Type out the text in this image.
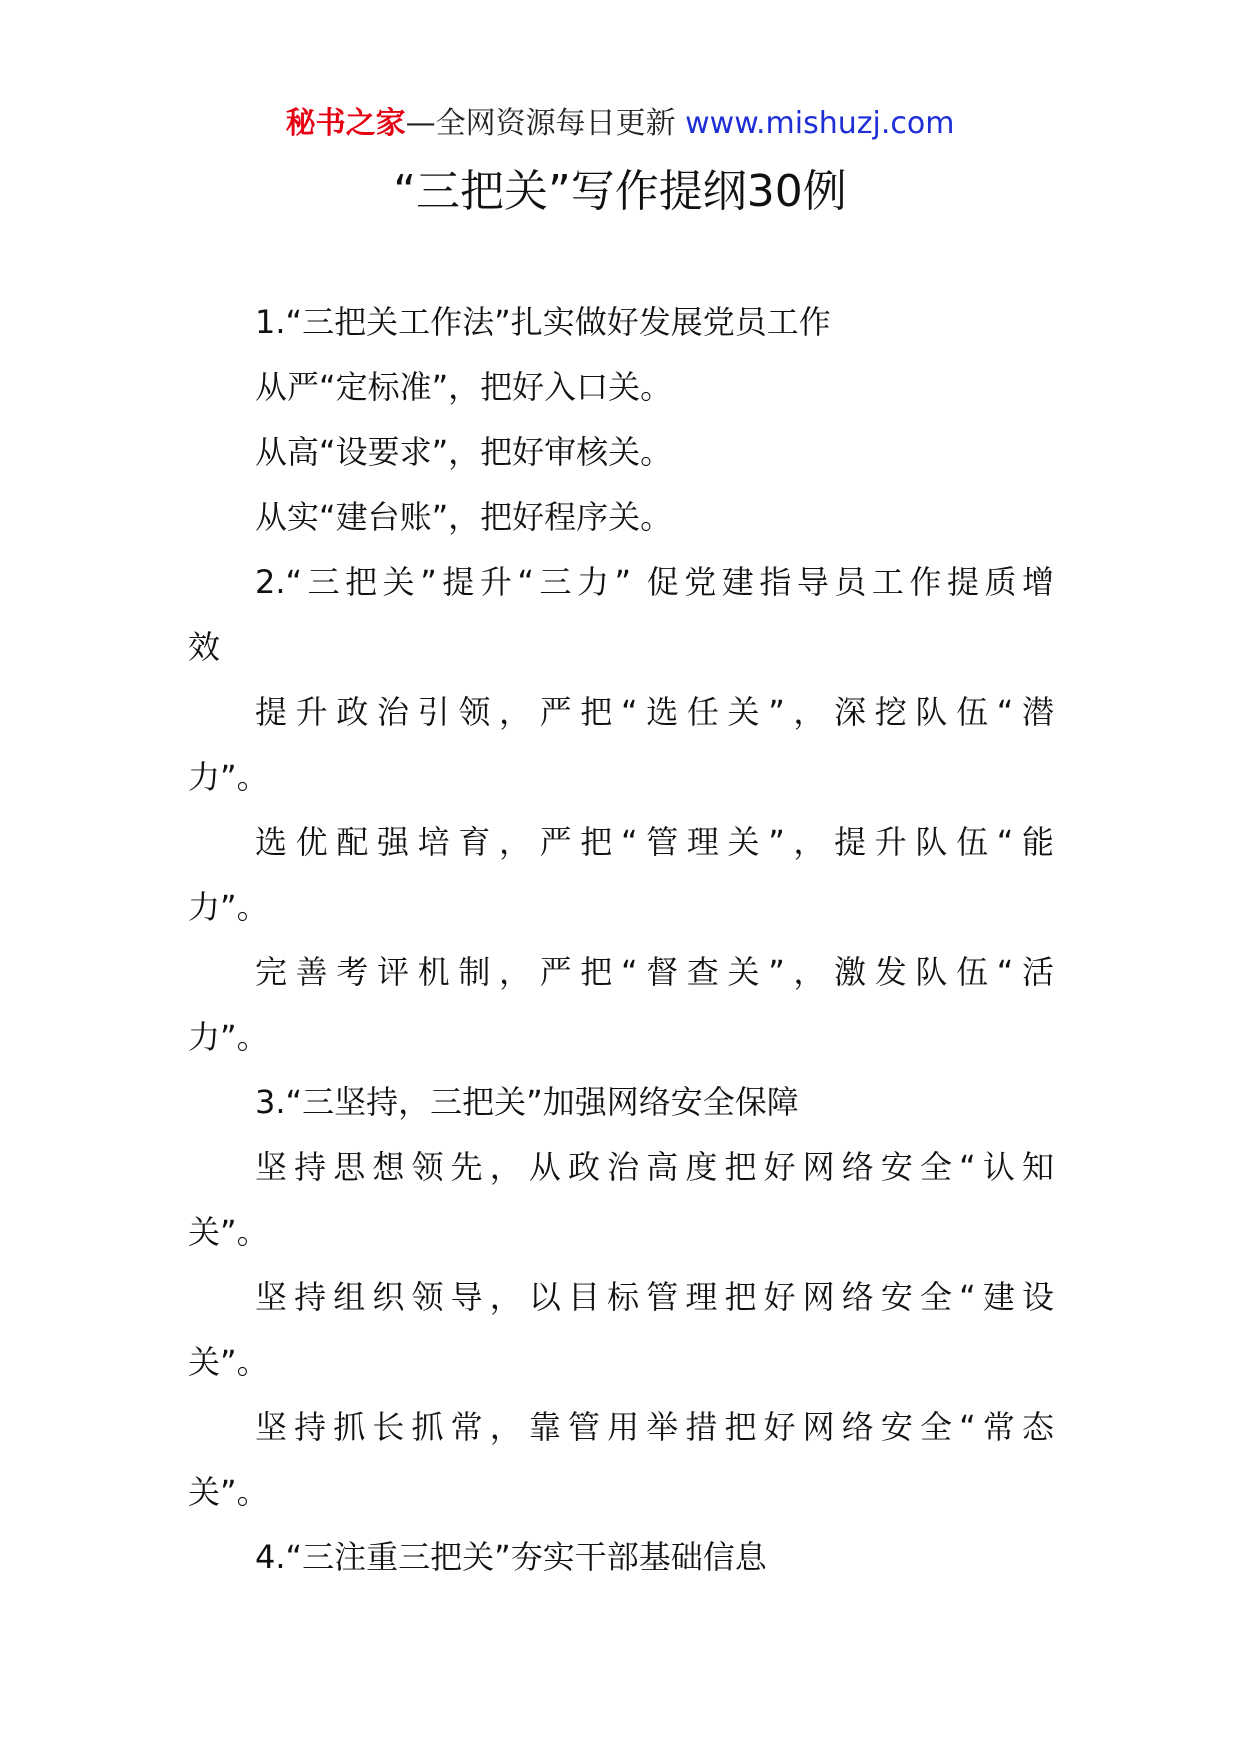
秘书之家—全网资源每日更新 www.mishuzj.com
“三把关”写作提纲30例
1.“三把关工作法”扎实做好发展党员工作
从严“定标准”，把好入口关。
从高“设要求”，把好审核关。
从实“建台账”，把好程序关。
2.“三把关”提升“三力” 促党建指导员工作提质增
效
提升政治引领，严把“选任关”，深挖队伍“潜
力”。
选优配强培育，严把“管理关”，提升队伍“能
力”。
完善考评机制，严把“督查关”，激发队伍“活
力”。
3.“三坚持，三把关”加强网络安全保障
坚持思想领先，从政治高度把好网络安全“认知
关”。
坚持组织领导，以目标管理把好网络安全“建设
关”。
坚持抓长抓常，靠管用举措把好网络安全“常态
关”。
4.“三注重三把关”夯实干部基础信息
